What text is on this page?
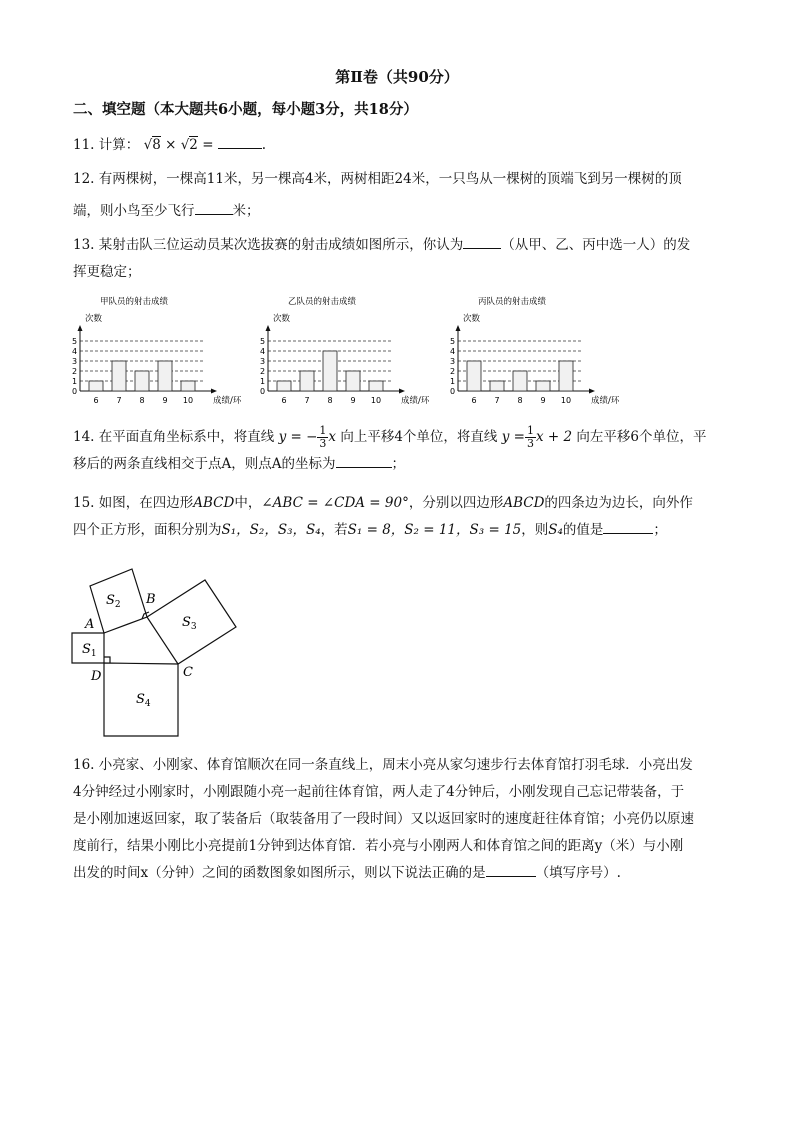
第Ⅱ卷（共90分）
二、填空题（本大题共6小题，每小题3分，共18分）
11. 计算： √8 × √2 =	.
12. 有两棵树，一棵高11米，另一棵高4米，两树相距24米，一只鸟从一棵树的顶端飞到另一棵树的顶
端，则小鸟至少飞行	米；
13. 某射击队三位运动员某次选拔赛的射击成绩如图所示，你认为	（从甲、乙、丙中选一人）的发
挥更稳定；
甲队员的射击成绩
次数
0
1
2
3
4
5
6 7 8 9 10 成绩/环
乙队员的射击成绩
次数
0
1
2
3
4
5
6 7 8 9 10 成绩/环
丙队员的射击成绩
次数
0
1
2
3
4
5
6 7 8 9 10 成绩/环
14. 在平面直角坐标系中，将直线 y = − $\frac{1}{3}$ x 向上平移4个单位，将直线 $y = \frac{1}{3}$ x + 2 向左平移6个单位，平
移后的两条直线相交于点A，则点A的坐标为	；
15. 如图，在四边形ABCD中，∠ABC = ∠CDA = 90°，分别以四边形ABCD的四条边为边长，向外作
四个正方形，面积分别为S₁，S₂，S₃，S₄，若S₁ = 8，S₂ = 11，S₃ = 15，则S₄的值是	；
A
B
C
D
$S_1$
$S_2$
$S_3$
$S_4$
16. 小亮家、小刚家、体育馆顺次在同一条直线上，周末小亮从家匀速步行去体育馆打羽毛球．小亮出发
4分钟经过小刚家时，小刚跟随小亮一起前往体育馆，两人走了4分钟后，小刚发现自己忘记带装备，于
是小刚加速返回家，取了装备后（取装备用了一段时间）又以返回家时的速度赶往体育馆；小亮仍以原速
度前行，结果小刚比小亮提前1分钟到达体育馆．若小亮与小刚两人和体育馆之间的距离y（米）与小刚
出发的时间x（分钟）之间的函数图象如图所示，则以下说法正确的是	（填写序号）.
